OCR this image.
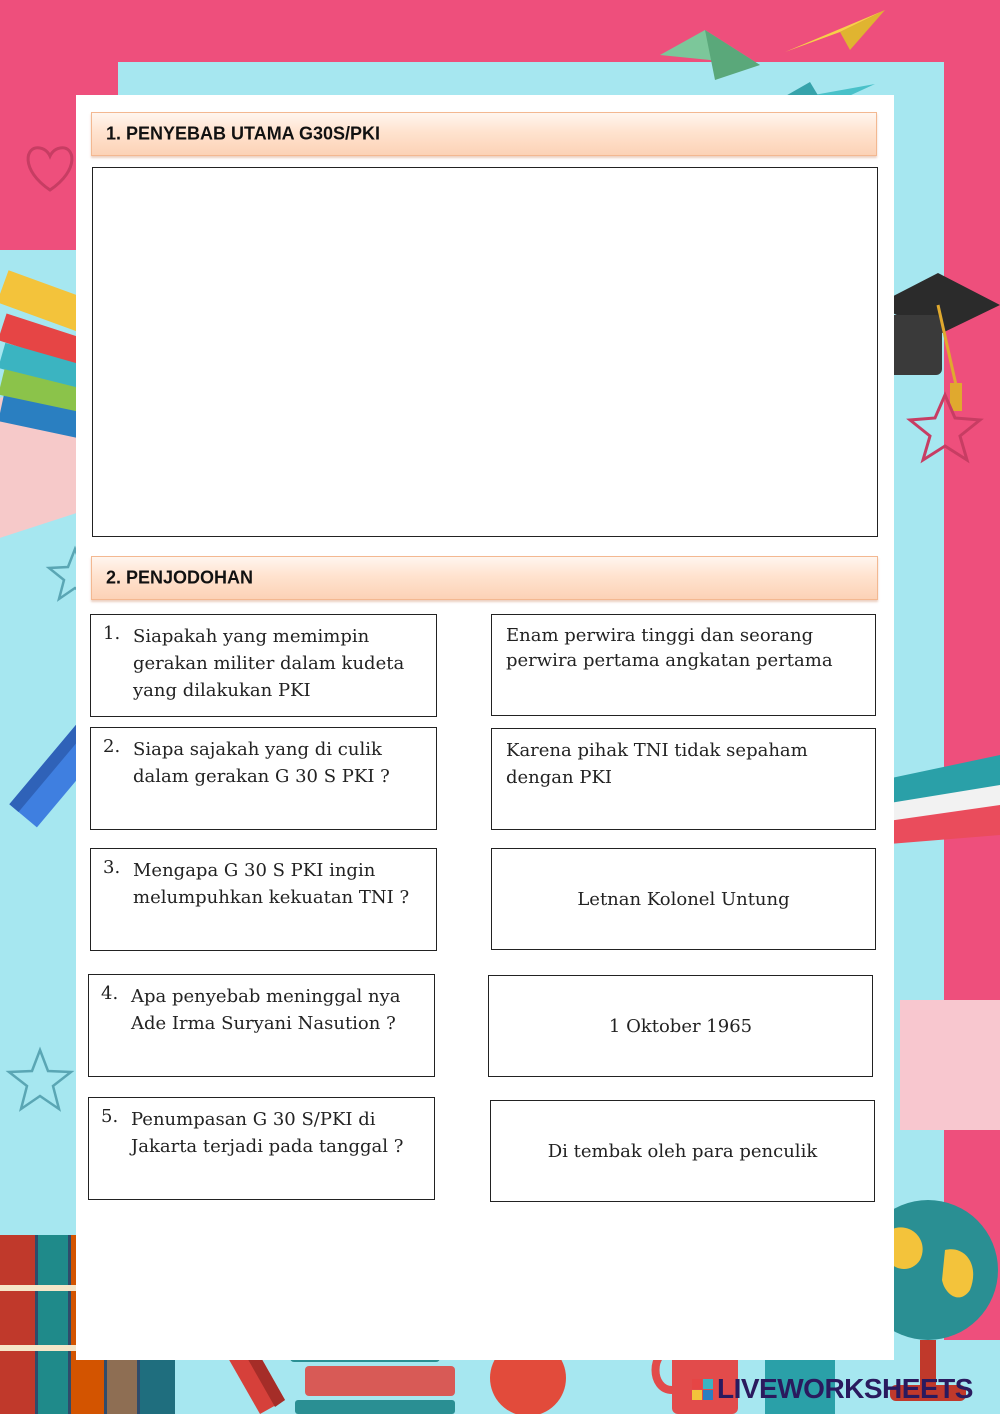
1. PENYEBAB UTAMA G30S/PKI
2. PENJODOHAN
1. Siapakah yang memimpin gerakan militer dalam kudeta yang dilakukan PKI
2. Siapa sajakah yang di culik dalam gerakan G 30 S PKI ?
3. Mengapa G 30 S PKI ingin melumpuhkan kekuatan TNI ?
4. Apa penyebab meninggal nya Ade Irma Suryani Nasution ?
5. Penumpasan G 30 S/PKI di Jakarta terjadi pada tanggal ?
Enam perwira tinggi dan seorang perwira pertama angkatan pertama
Karena pihak TNI tidak sepaham dengan PKI
Letnan Kolonel Untung
1 Oktober 1965
Di tembak oleh para penculik
LIVEWORKSHEETS
